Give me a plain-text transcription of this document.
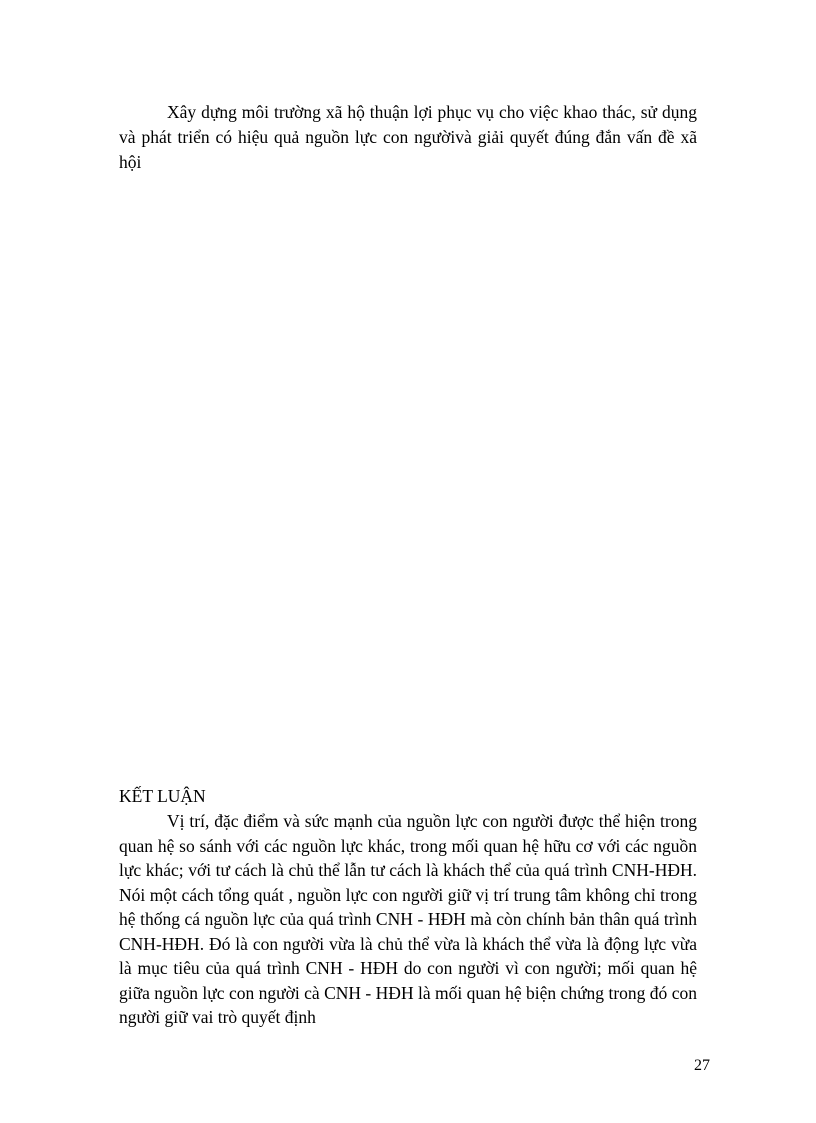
Xây dựng môi trường xã hộ thuận lợi phục vụ cho việc khao thác, sử dụng và phát triển có hiệu quả nguồn lực con ngườivà giải quyết đúng đắn vấn đề xã hội

KẾT LUẬN

Vị trí, đặc điểm và sức mạnh của nguồn lực con người được thể hiện trong quan hệ so sánh với các nguồn lực khác, trong mối quan hệ hữu cơ với các nguồn lực khác; với tư cách là chủ thể lẫn tư cách là khách thể của quá trình CNH-HĐH. Nói một cách tổng quát , nguồn lực con người giữ vị trí trung tâm không chỉ trong hệ thống cá nguồn lực của quá trình CNH - HĐH mà còn chính bản thân quá trình CNH-HĐH. Đó là con người vừa là chủ thể vừa là khách thể vừa là động lực vừa là mục tiêu của quá trình CNH - HĐH do con người vì con người; mối quan hệ giữa nguồn lực con người cà CNH - HĐH là mối quan hệ biện chứng trong đó con người giữ vai trò quyết định

27
